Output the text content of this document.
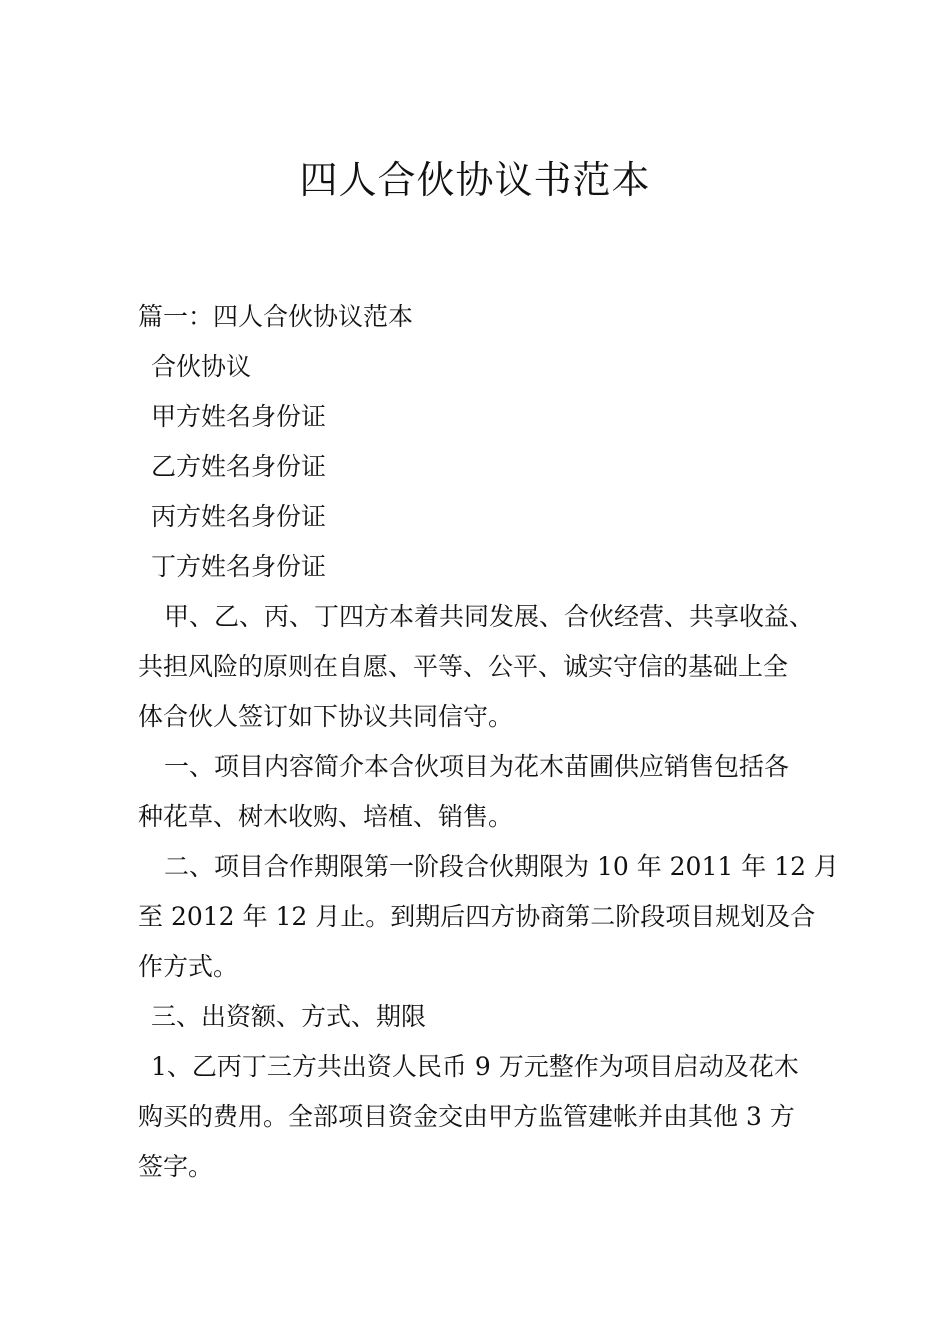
四人合伙协议书范本
篇一：四人合伙协议范本
合伙协议
甲方姓名身份证
乙方姓名身份证
丙方姓名身份证
丁方姓名身份证
甲、乙、丙、丁四方本着共同发展、合伙经营、共享收益、
共担风险的原则在自愿、平等、公平、诚实守信的基础上全
体合伙人签订如下协议共同信守。
一、项目内容简介本合伙项目为花木苗圃供应销售包括各
种花草、树木收购、培植、销售。
二、项目合作期限第一阶段合伙期限为 10 年 2011 年 12 月
至 2012 年 12 月止。到期后四方协商第二阶段项目规划及合
作方式。
三、出资额、方式、期限
1、乙丙丁三方共出资人民币 9 万元整作为项目启动及花木
购买的费用。全部项目资金交由甲方监管建帐并由其他 3 方
签字。
